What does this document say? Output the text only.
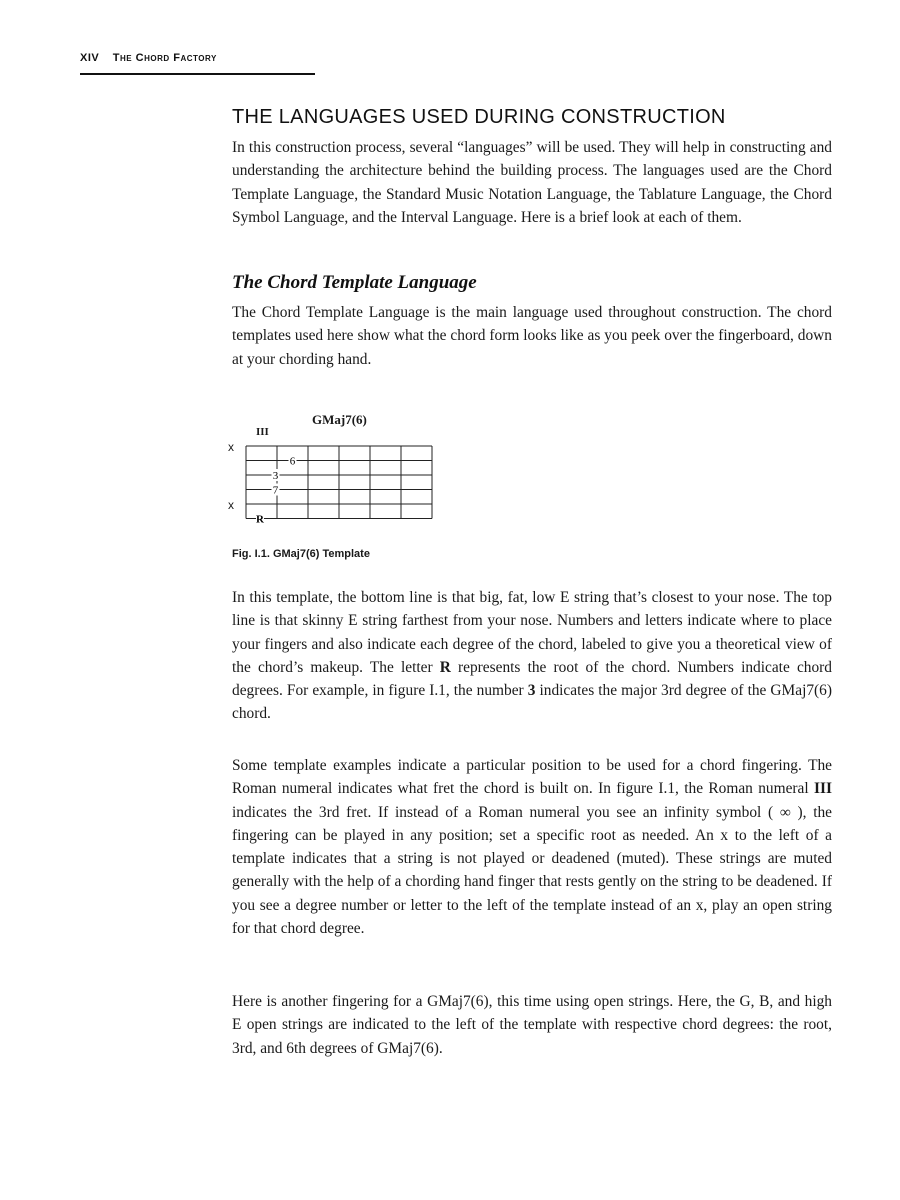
XIV The Chord Factory
THE LANGUAGES USED DURING CONSTRUCTION

In this construction process, several “languages” will be used. They will help in constructing and understanding the architecture behind the building process. The languages used are the Chord Template Language, the Standard Music Notation Language, the Tablature Language, the Chord Symbol Language, and the Interval Language. Here is a brief look at each of them.

The Chord Template Language

The Chord Template Language is the main language used throughout construction. The chord templates used here show what the chord form looks like as you peek over the fingerboard, down at your chording hand.

GMaj7(6)
III
x
x
6
3
7
R
Fig. I.1. GMaj7(6) Template

In this template, the bottom line is that big, fat, low E string that’s closest to your nose. The top line is that skinny E string farthest from your nose. Numbers and letters indicate where to place your fingers and also indicate each degree of the chord, labeled to give you a theoretical view of the chord’s makeup. The letter R represents the root of the chord. Numbers indicate chord degrees. For example, in figure I.1, the number 3 indicates the major 3rd degree of the GMaj7(6) chord.

Some template examples indicate a particular position to be used for a chord fingering. The Roman numeral indicates what fret the chord is built on. In figure I.1, the Roman numeral III indicates the 3rd fret. If instead of a Roman numeral you see an infinity symbol ( ∞ ), the fingering can be played in any position; set a specific root as needed. An x to the left of a template indicates that a string is not played or deadened (muted). These strings are muted generally with the help of a chording hand finger that rests gently on the string to be deadened. If you see a degree number or letter to the left of the template instead of an x, play an open string for that chord degree.

Here is another fingering for a GMaj7(6), this time using open strings. Here, the G, B, and high E open strings are indicated to the left of the template with respective chord degrees: the root, 3rd, and 6th degrees of GMaj7(6).
